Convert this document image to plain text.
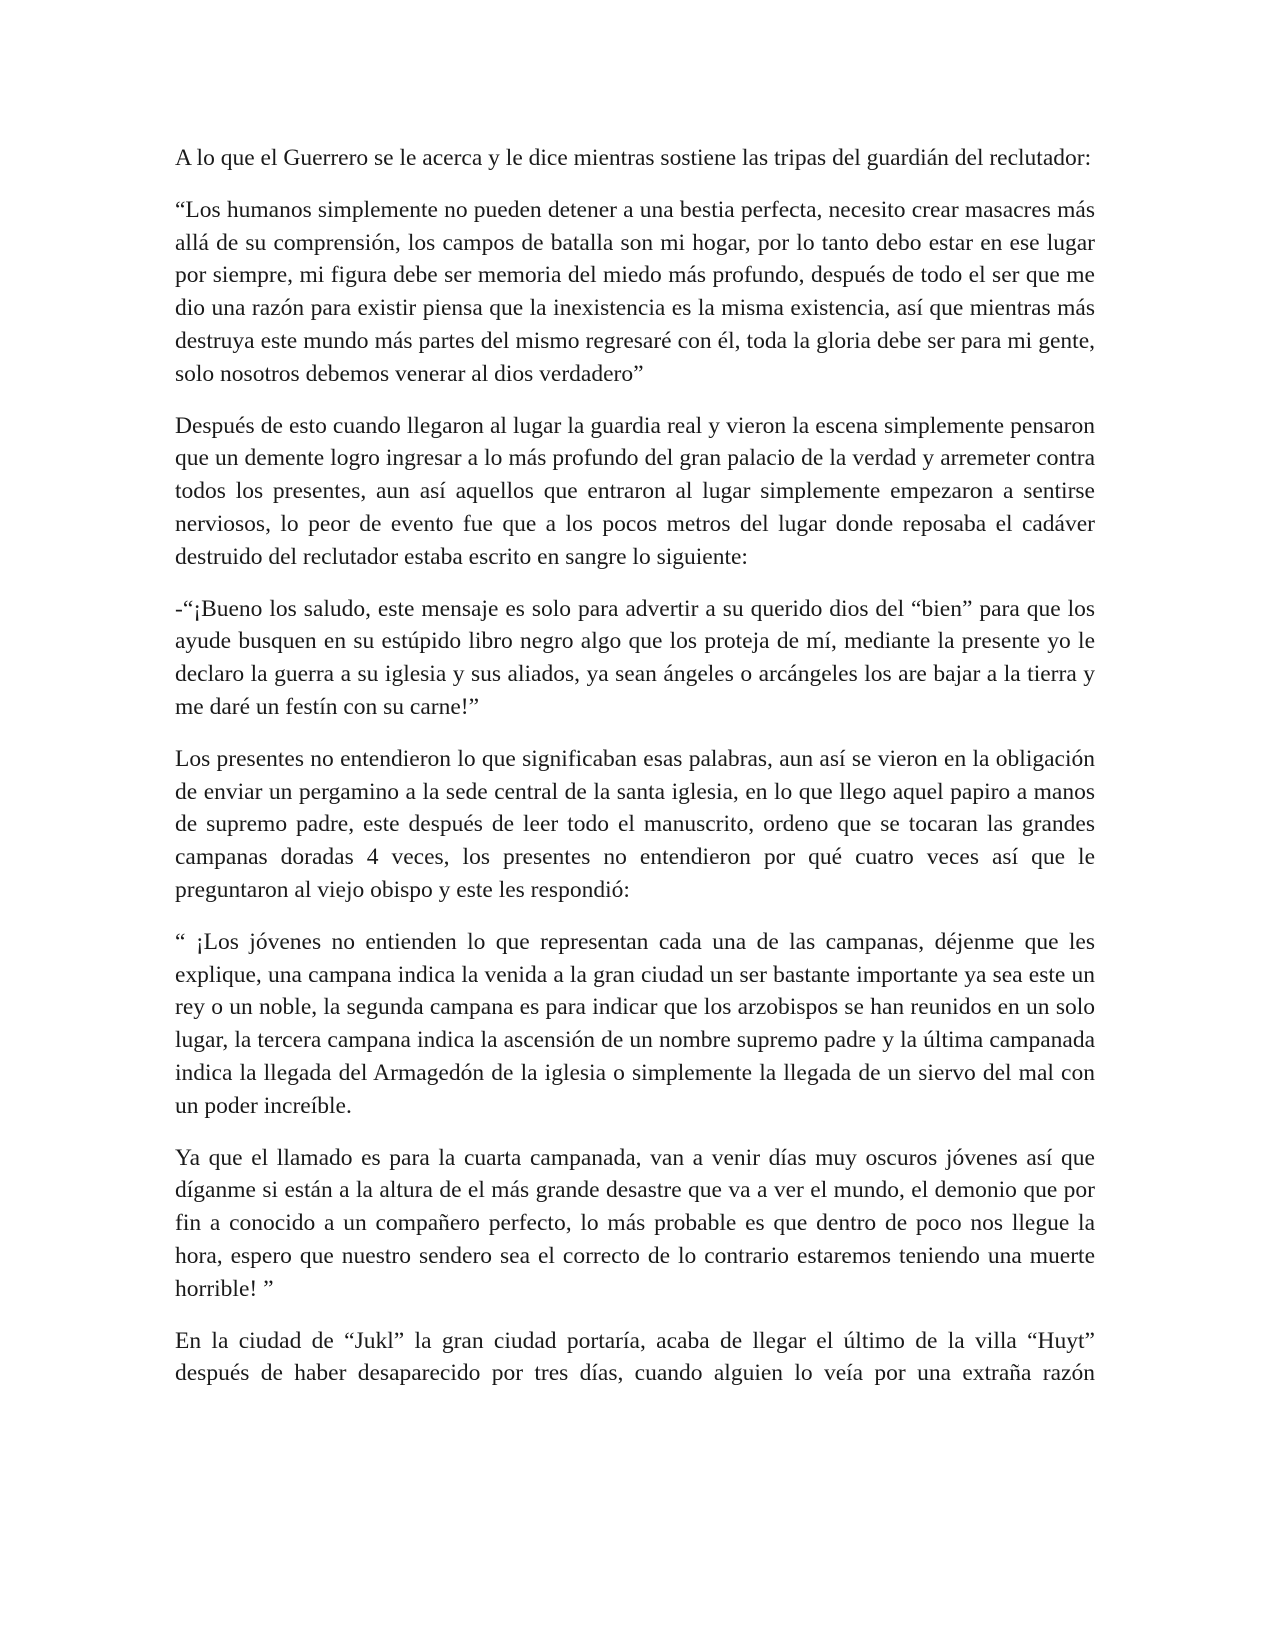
A lo que el Guerrero se le acerca y le dice mientras sostiene las tripas del guardián del reclutador:

“Los humanos simplemente no pueden detener a una bestia perfecta, necesito crear masacres más allá de su comprensión, los campos de batalla son mi hogar, por lo tanto debo estar en ese lugar por siempre, mi figura debe ser memoria del miedo más profundo, después de todo el ser que me dio una razón para existir piensa que la inexistencia es la misma existencia, así que mientras más destruya este mundo más partes del mismo regresaré con él, toda la gloria debe ser para mi gente, solo nosotros debemos venerar al dios verdadero”

Después de esto cuando llegaron al lugar la guardia real y vieron la escena simplemente pensaron que un demente logro ingresar a lo más profundo del gran palacio de la verdad y arremeter contra todos los presentes, aun así aquellos que entraron al lugar simplemente empezaron a sentirse nerviosos, lo peor de evento fue que a los pocos metros del lugar donde reposaba el cadáver destruido del reclutador estaba escrito en sangre lo siguiente:

-“¡Bueno los saludo, este mensaje es solo para advertir a su querido dios del “bien” para que los ayude busquen en su estúpido libro negro algo que los proteja de mí, mediante la presente yo le declaro la guerra a su iglesia y sus aliados, ya sean ángeles o arcángeles los are bajar a la tierra y me daré un festín con su carne!”

Los presentes no entendieron lo que significaban esas palabras, aun así se vieron en la obligación de enviar un pergamino a la sede central de la santa iglesia, en lo que llego aquel papiro a manos de supremo padre, este después de leer todo el manuscrito, ordeno que se tocaran las grandes campanas doradas 4 veces, los presentes no entendieron por qué cuatro veces así que le preguntaron al viejo obispo y este les respondió:

“ ¡Los jóvenes no entienden lo que representan cada una de las campanas, déjenme que les explique, una campana indica la venida a la gran ciudad un ser bastante importante ya sea este un rey o un noble, la segunda campana es para indicar que los arzobispos se han reunidos en un solo lugar, la tercera campana indica la ascensión de un nombre supremo padre y la última campanada indica la llegada del Armagedón de la iglesia o simplemente la llegada de un siervo del mal con un poder increíble.

Ya que el llamado es para la cuarta campanada, van a venir días muy oscuros jóvenes así que díganme si están a la altura de el más grande desastre que va a ver el mundo, el demonio que por fin a conocido a un compañero perfecto, lo más probable es que dentro de poco nos llegue la hora, espero que nuestro sendero sea el correcto de lo contrario estaremos teniendo una muerte horrible! ”

En la ciudad de “Jukl” la gran ciudad portaría, acaba de llegar el último de la villa “Huyt” después de haber desaparecido por tres días, cuando alguien lo veía por una extraña razón
